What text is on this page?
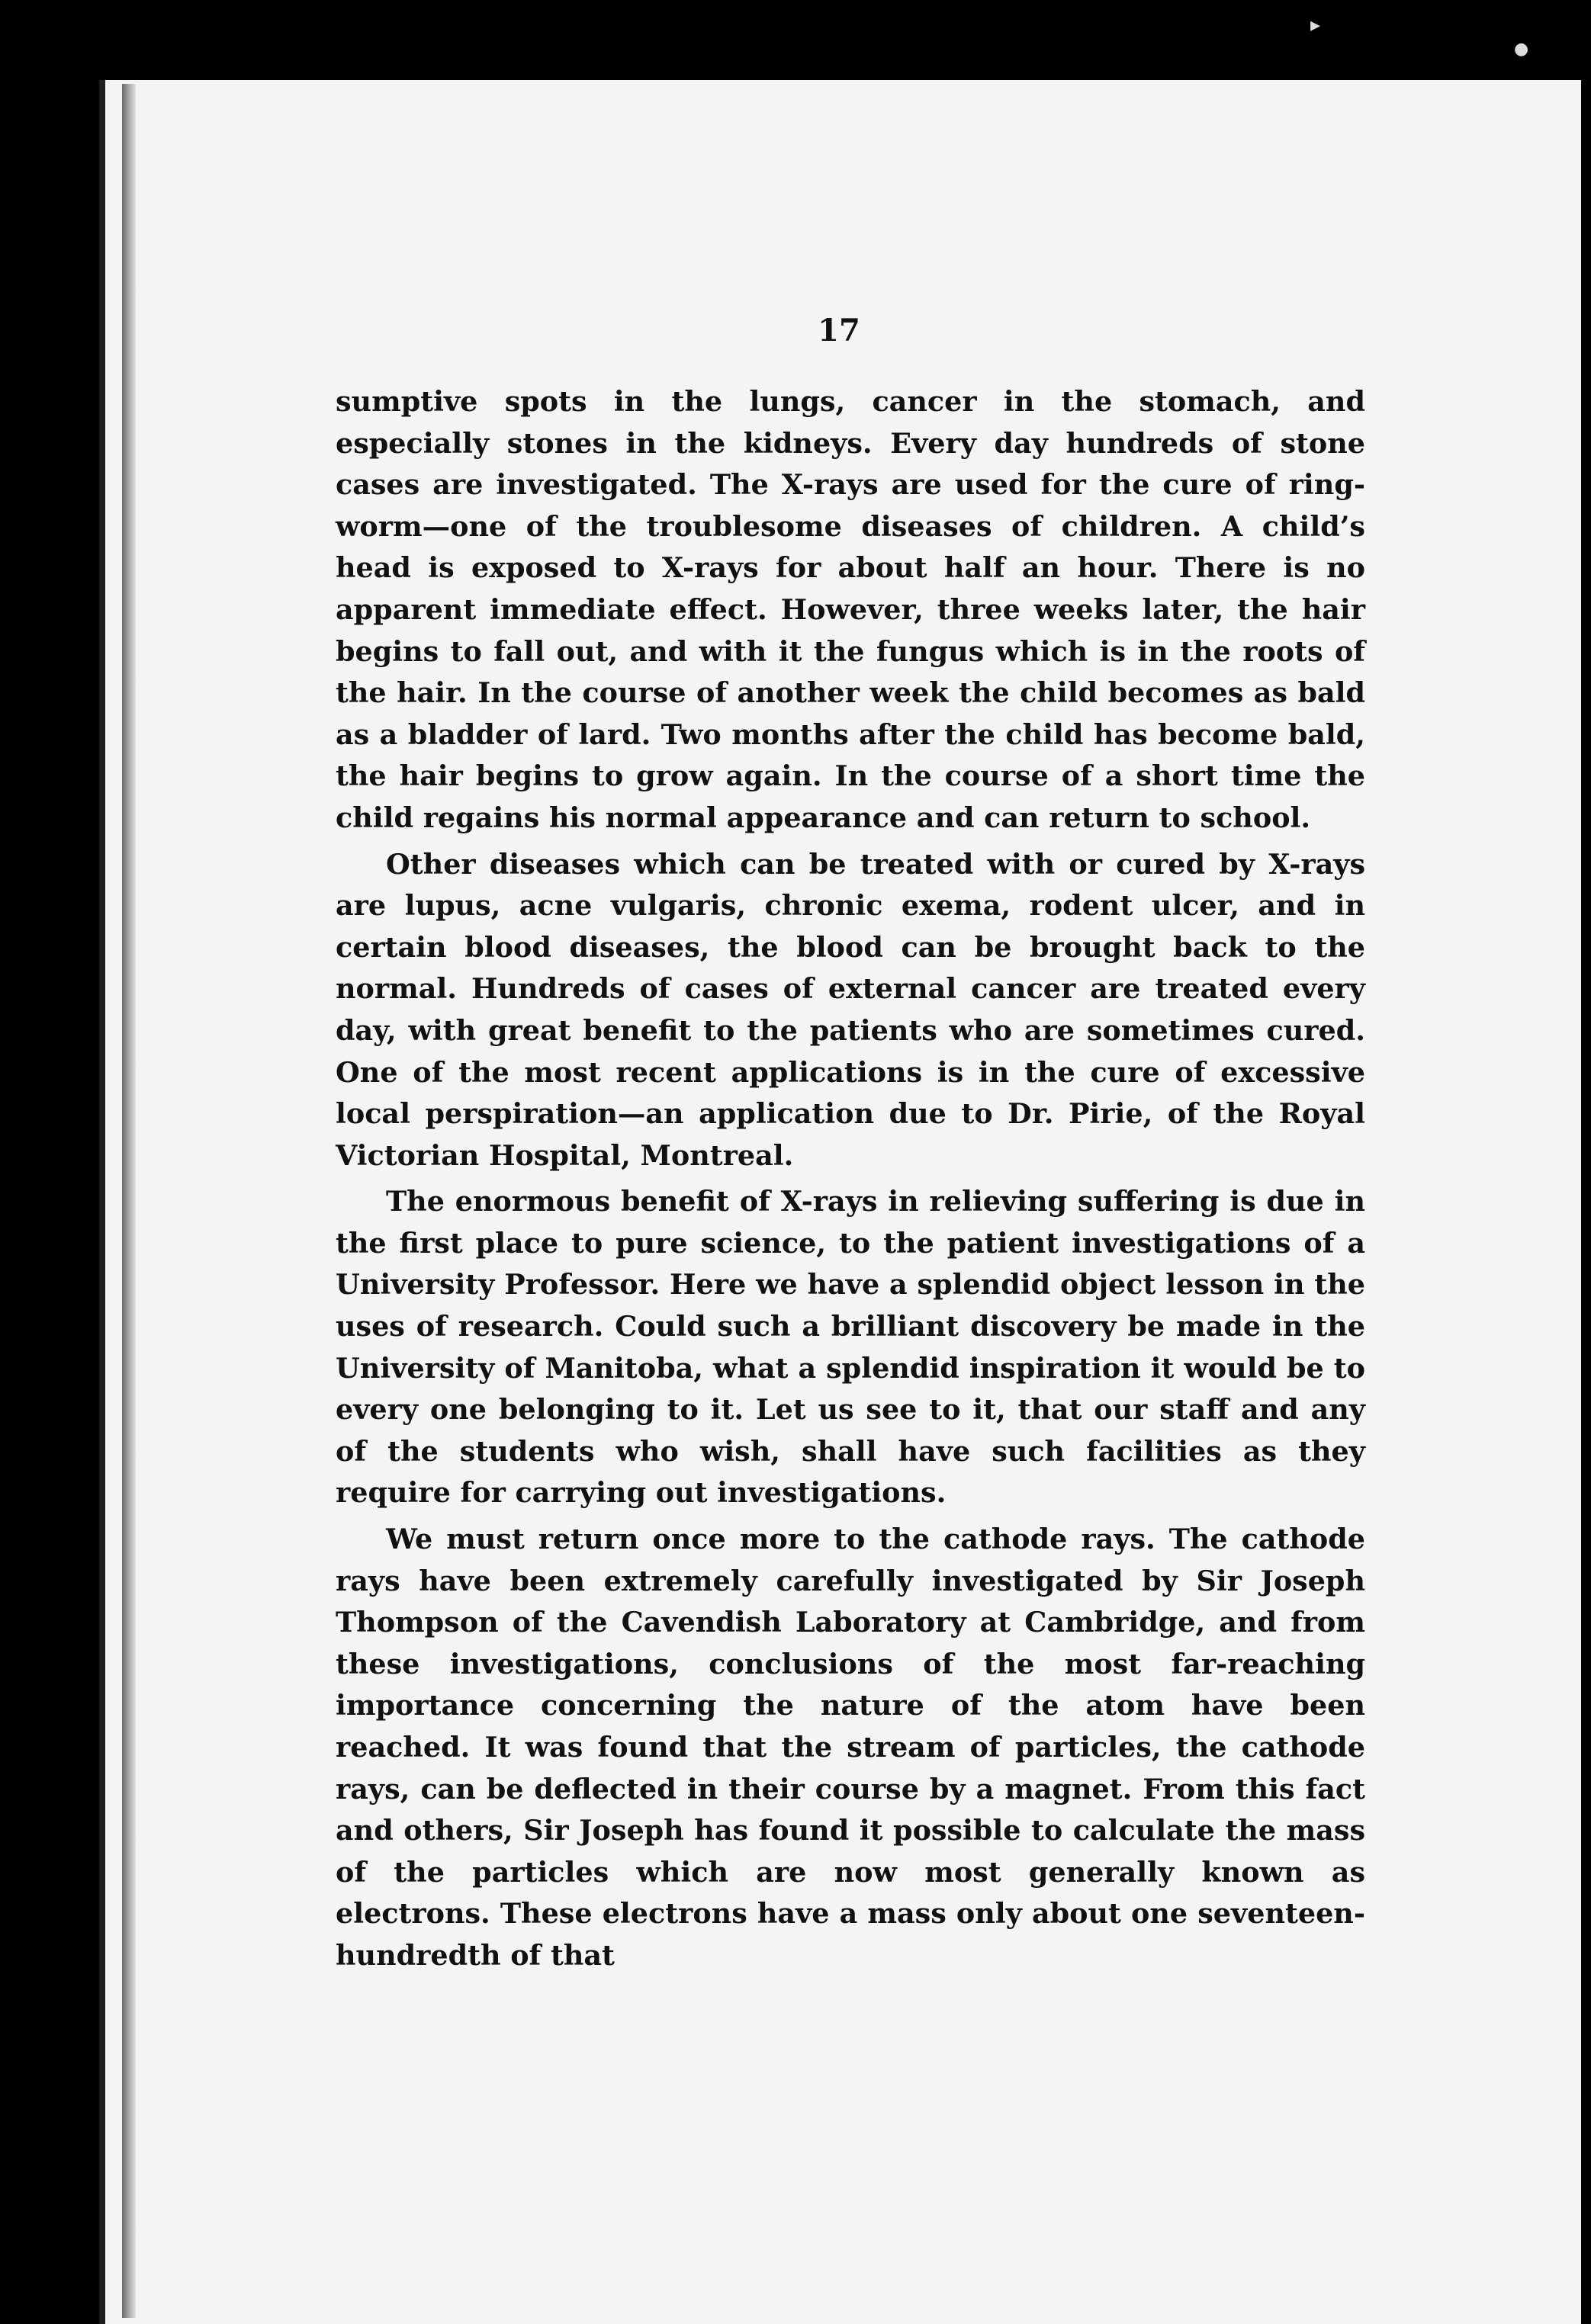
▸
●
17

sumptive spots in the lungs, cancer in the stomach, and especially stones in the kidneys. Every day hundreds of stone cases are investigated. The X-rays are used for the cure of ring-worm—one of the troublesome diseases of children. A child’s head is exposed to X-rays for about half an hour. There is no apparent immediate effect. However, three weeks later, the hair begins to fall out, and with it the fungus which is in the roots of the hair. In the course of another week the child becomes as bald as a bladder of lard. Two months after the child has become bald, the hair begins to grow again. In the course of a short time the child regains his normal appearance and can return to school.

Other diseases which can be treated with or cured by X-rays are lupus, acne vulgaris, chronic exema, rodent ulcer, and in certain blood diseases, the blood can be brought back to the normal. Hundreds of cases of external cancer are treated every day, with great benefit to the patients who are sometimes cured. One of the most recent applications is in the cure of excessive local perspiration—an application due to Dr. Pirie, of the Royal Victorian Hospital, Montreal.

The enormous benefit of X-rays in relieving suffering is due in the first place to pure science, to the patient investigations of a University Professor. Here we have a splendid object lesson in the uses of research. Could such a brilliant discovery be made in the University of Manitoba, what a splendid inspiration it would be to every one belonging to it. Let us see to it, that our staff and any of the students who wish, shall have such facilities as they require for carrying out investigations.

We must return once more to the cathode rays. The cathode rays have been extremely carefully investigated by Sir Joseph Thompson of the Cavendish Laboratory at Cambridge, and from these investigations, conclusions of the most far-reaching importance concerning the nature of the atom have been reached. It was found that the stream of particles, the cathode rays, can be deflected in their course by a magnet. From this fact and others, Sir Joseph has found it possible to calculate the mass of the particles which are now most generally known as electrons. These electrons have a mass only about one seventeen-hundredth of that
